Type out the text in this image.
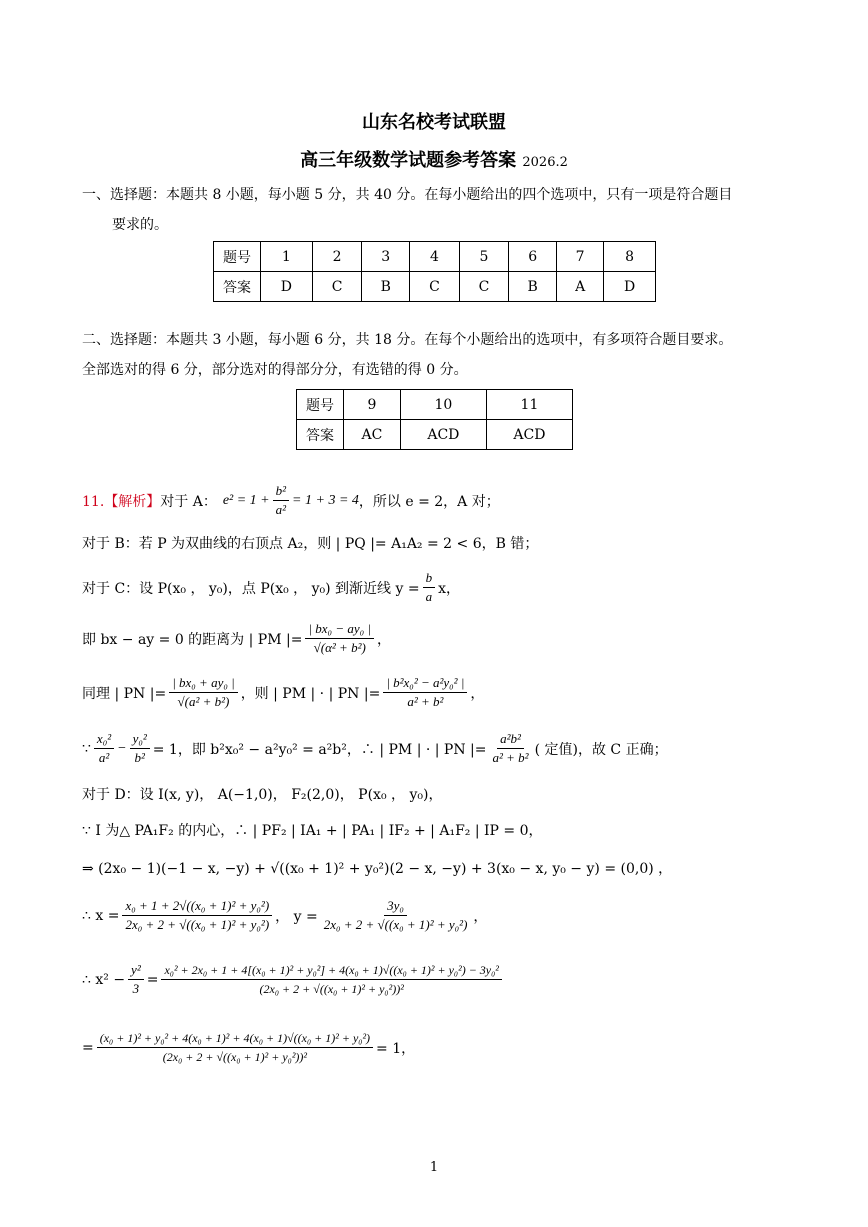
山东名校考试联盟
高三年级数学试题参考答案 2026.2
一、选择题：本题共 8 小题，每小题 5 分，共 40 分。在每小题给出的四个选项中，只有一项是符合题目
要求的。
题号	1	2	3	4	5	6	7	8
答案	D	C	B	C	C	B	A	D
二、选择题：本题共 3 小题，每小题 6 分，共 18 分。在每个小题给出的选项中，有多项符合题目要求。
全部选对的得 6 分，部分选对的得部分分，有选错的得 0 分。
题号	9	10	11
答案	AC	ACD	ACD
11.【解析】 对于 A： $e^2 = 1 + \frac{\text{b²}}{\text{a²}} = 1 + 3 = 4$ ，所以 e = 2，A 对；
对于 B：若 P 为双曲线的右顶点 A₂，则 | PQ |= A₁A₂ = 2 < 6，B 错；
对于 C：设 P(x₀ ， y₀)，点 P(x₀ ， y₀) 到渐近线 $y = \frac{b}{a}$ x，
即 bx − ay = 0 的距离为 | PM |= $\frac{\text{| bx₀ − ay₀ |}}{\text{√(α² + b²)}}$ ，
同理 | PN |= $\frac{\text{| bx₀ + ay₀ |}}{\text{√(a² + b²)}}$ ，则 | PM | · | PN |= $\frac{\text{| b²x₀² − a²y₀² |}}{\text{a² + b²}}$ ，
∵ $\frac{\text{x₀²}}{\text{a²}} - \frac{\text{y₀²}}{\text{b²}} = 1$，即 b²x₀² − a²y₀² = a²b²，∴ | PM | · | PN |= $\frac{\text{a²b²}}{\text{a² + b²}}$ ( 定值)，故 C 正确；
对于 D：设 I(x, y)， A(−1,0)， F₂(2,0)， P(x₀ ， y₀)，
∵ I 为△ PA₁F₂ 的内心，∴ | PF₂ | IA₁ + | PA₁ | IF₂ + | A₁F₂ | IP = 0，
⇒ (2x₀ − 1)(−1 − x, −y) + √((x₀ + 1)² + y₀²)(2 − x, −y) + 3(x₀ − x, y₀ − y) = (0,0) ，
∴ $x = \frac{\text{x₀ + 1 + 2√((x₀ + 1)² + y₀²)}}{\text{2x₀ + 2 + √((x₀ + 1)² + y₀²)}}$ ， $y = \frac{\text{3y₀}}{\text{2x₀ + 2 + √((x₀ + 1)² + y₀²)}}$ ，
∴ $x^2 - \frac{\text{y²}}{3}$ =
x₀² + 2x₀ + 1 + 4[(x₀ + 1)² + y₀²] + 4(x₀ + 1)√((x₀ + 1)² + y₀²) − 3y₀²
(2x₀ + 2 + √((x₀ + 1)² + y₀²))²
= $\frac{\text{(x₀ + 1)² + y₀² + 4(x₀ + 1)² + 4(x₀ + 1)√((x₀ + 1)² + y₀²)}}{\text{(2x₀ + 2 + √((x₀ + 1)² + y₀²))²}} = 1$，
1
